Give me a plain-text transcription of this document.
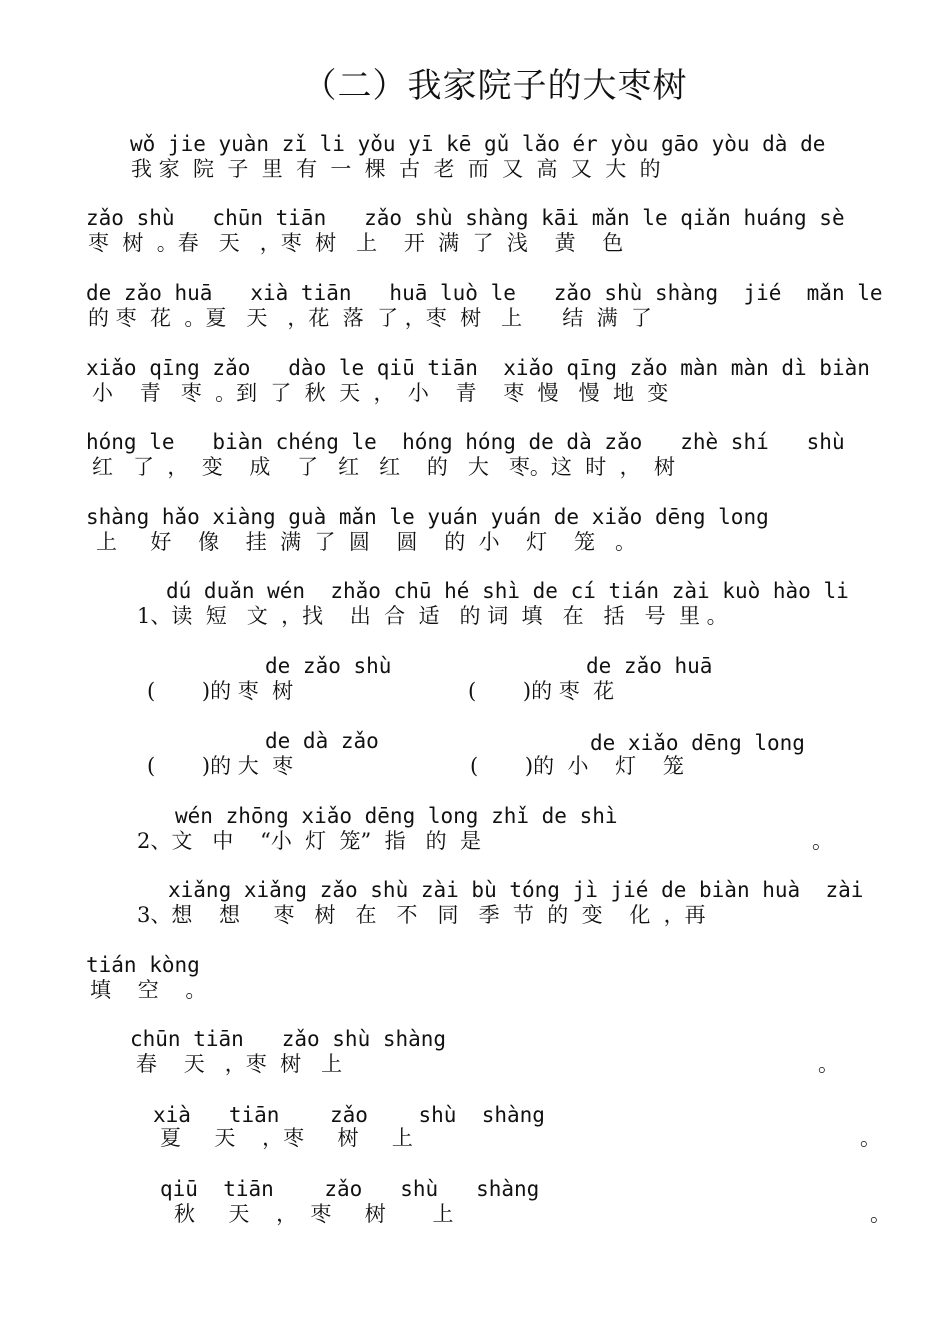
（二）我家院子的大枣树
wǒ jie yuàn zǐ li yǒu yī kē gǔ lǎo ér yòu gāo yòu dà de
我 家  院  子  里  有  一  棵  古  老  而  又  高  又  大  的
zǎo shù   chūn tiān   zǎo shù shàng kāi mǎn le qiǎn huáng sè
枣  树  。春   天   ，枣  树   上    开  满  了  浅    黄    色
de zǎo huā   xià tiān   huā luò le   zǎo shù shàng  jié  mǎn le
的 枣  花  。夏   天   ，花  落  了 ，枣  树   上      结  满  了
xiǎo qīng zǎo   dào le qiū tiān  xiǎo qīng zǎo màn màn dì biàn
小    青   枣  。到  了  秋  天  ，  小    青    枣  慢   慢  地  变
hóng le   biàn chéng le  hóng hóng de dà zǎo   zhè shí   shù
红   了  ，  变    成    了   红   红    的   大   枣。这  时  ，  树
shàng hǎo xiàng guà mǎn le yuán yuán de xiǎo dēng long
上     好    像    挂  满  了  圆    圆    的  小    灯    笼   。
dú duǎn wén  zhǎo chū hé shì de cí tián zài kuò hào li
1、读  短   文  ，找    出  合  适   的 词  填   在   括   号  里 。
de zǎo shù
(       )的 枣  树
de zǎo huā
(       )的 枣  花
de dà zǎo
(       )的 大  枣
de xiǎo dēng long
(       )的  小    灯    笼
wén zhōng xiǎo dēng long zhǐ de shì
2、文   中    “小  灯  笼”  指   的  是	。
xiǎng xiǎng zǎo shù zài bù tóng jì jié de biàn huà  zài
3、想    想     枣   树   在   不   同   季  节  的  变    化  ，再
tián kòng
填    空    。
chūn tiān   zǎo shù shàng
春    天   ，枣  树   上	。
xià   tiān    zǎo    shù  shàng
夏     天    ，枣     树     上	。
qiū  tiān    zǎo   shù   shàng
秋     天    ，  枣     树       上	。
